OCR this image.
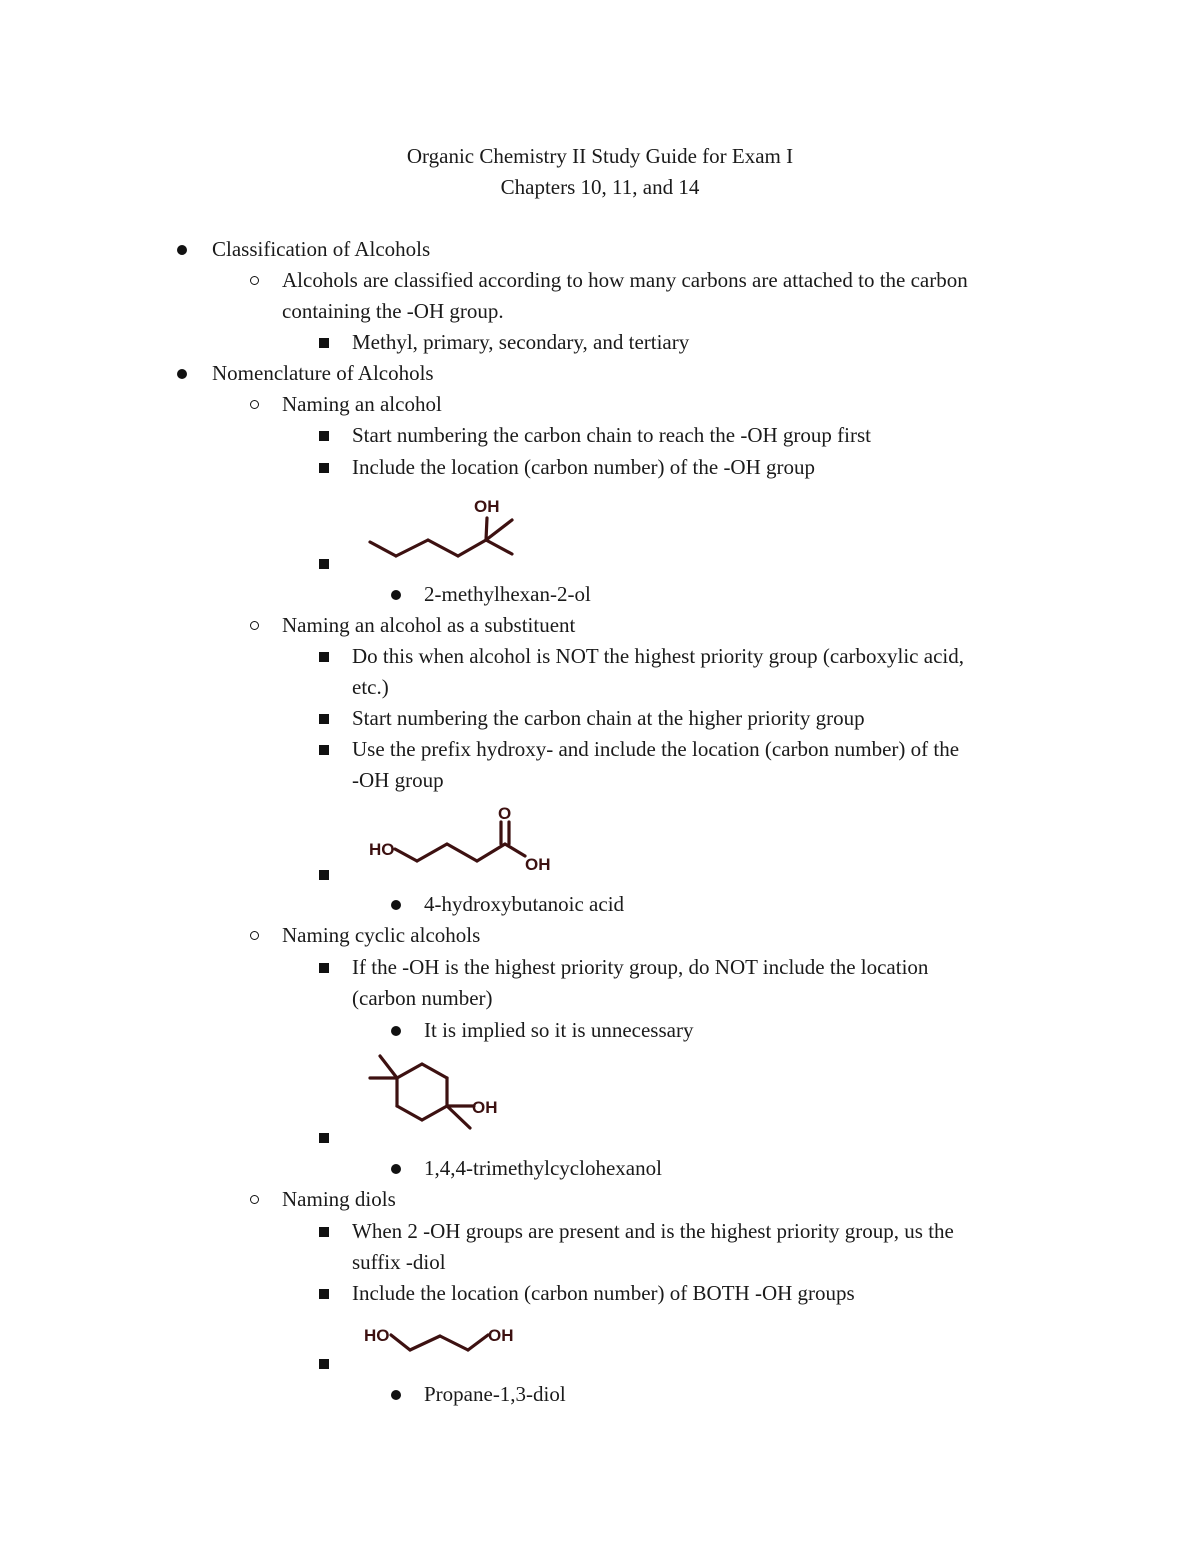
Organic Chemistry II Study Guide for Exam I
Chapters 10, 11, and 14
Classification of Alcohols
Alcohols are classified according to how many carbons are attached to the carbon
containing the -OH group.
Methyl, primary, secondary, and tertiary
Nomenclature of Alcohols
Naming an alcohol
Start numbering the carbon chain to reach the -OH group first
Include the location (carbon number) of the -OH group
OH
2-methylhexan-2-ol
Naming an alcohol as a substituent
Do this when alcohol is NOT the highest priority group (carboxylic acid,
etc.)
Start numbering the carbon chain at the higher priority group
Use the prefix hydroxy- and include the location (carbon number) of the
-OH group
HO
O
OH
4-hydroxybutanoic acid
Naming cyclic alcohols
If the -OH is the highest priority group, do NOT include the location
(carbon number)
It is implied so it is unnecessary
OH
1,4,4-trimethylcyclohexanol
Naming diols
When 2 -OH groups are present and is the highest priority group, us the
suffix -diol
Include the location (carbon number) of BOTH -OH groups
HO	OH
Propane-1,3-diol
